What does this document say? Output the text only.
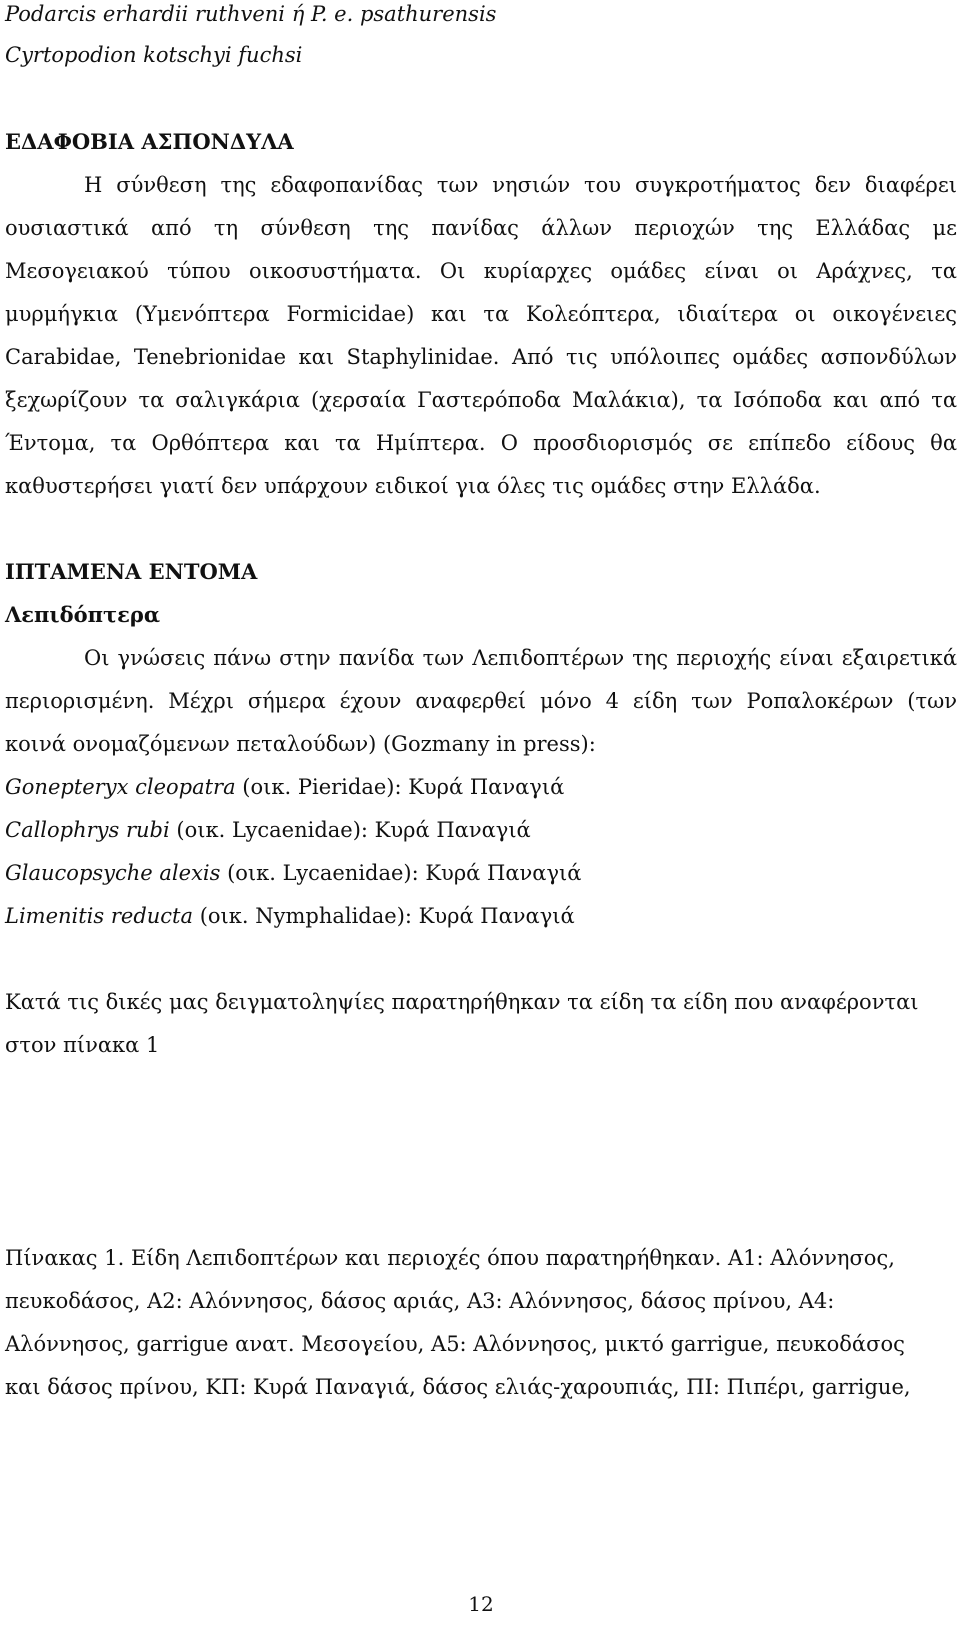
Podarcis erhardii ruthveni ή P. e. psathurensis
Cyrtopodion kotschyi fuchsi
ΕΔΑΦΟΒΙΑ ΑΣΠΟΝΔΥΛΑ
Η σύνθεση της εδαφοπανίδας των νησιών του συγκροτήματος δεν διαφέρει
ουσιαστικά από τη σύνθεση της πανίδας άλλων περιοχών της Ελλάδας με
Μεσογειακού τύπου οικοσυστήματα. Οι κυρίαρχες ομάδες είναι οι Αράχνες, τα
μυρμήγκια (Υμενόπτερα Formicidae) και τα Κολεόπτερα, ιδιαίτερα οι οικογένειες
Carabidae, Tenebrionidae και Staphylinidae. Από τις υπόλοιπες ομάδες ασπονδύλων
ξεχωρίζουν τα σαλιγκάρια (χερσαία Γαστερόποδα Μαλάκια), τα Ισόποδα και από τα
Έντομα, τα Ορθόπτερα και τα Ημίπτερα. Ο προσδιορισμός σε επίπεδο είδους θα
καθυστερήσει γιατί δεν υπάρχουν ειδικοί για όλες τις ομάδες στην Ελλάδα.
ΙΠΤΑΜΕΝΑ ΕΝΤΟΜΑ
Λεπιδόπτερα
Οι γνώσεις πάνω στην πανίδα των Λεπιδοπτέρων της περιοχής είναι εξαιρετικά
περιορισμένη. Μέχρι σήμερα έχουν αναφερθεί μόνο 4 είδη των Ροπαλοκέρων (των
κοινά ονομαζόμενων πεταλούδων) (Gozmany in press):
Gonepteryx cleopatra (οικ. Pieridae): Κυρά Παναγιά
Callophrys rubi (οικ. Lycaenidae): Κυρά Παναγιά
Glaucopsyche alexis (οικ. Lycaenidae): Κυρά Παναγιά
Limenitis reducta (οικ. Nymphalidae): Κυρά Παναγιά
Κατά τις δικές μας δειγματοληψίες παρατηρήθηκαν τα είδη τα είδη που αναφέρονται
στον πίνακα 1
Πίνακας 1. Είδη Λεπιδοπτέρων και περιοχές όπου παρατηρήθηκαν. Α1: Αλόννησος,
πευκοδάσος, Α2: Αλόννησος, δάσος αριάς, Α3: Αλόννησος, δάσος πρίνου, Α4:
Αλόννησος, garrigue ανατ. Μεσογείου, Α5: Αλόννησος, μικτό garrigue, πευκοδάσος
και δάσος πρίνου, ΚΠ: Κυρά Παναγιά, δάσος ελιάς-χαρουπιάς, ΠΙ: Πιπέρι, garrigue,
12
